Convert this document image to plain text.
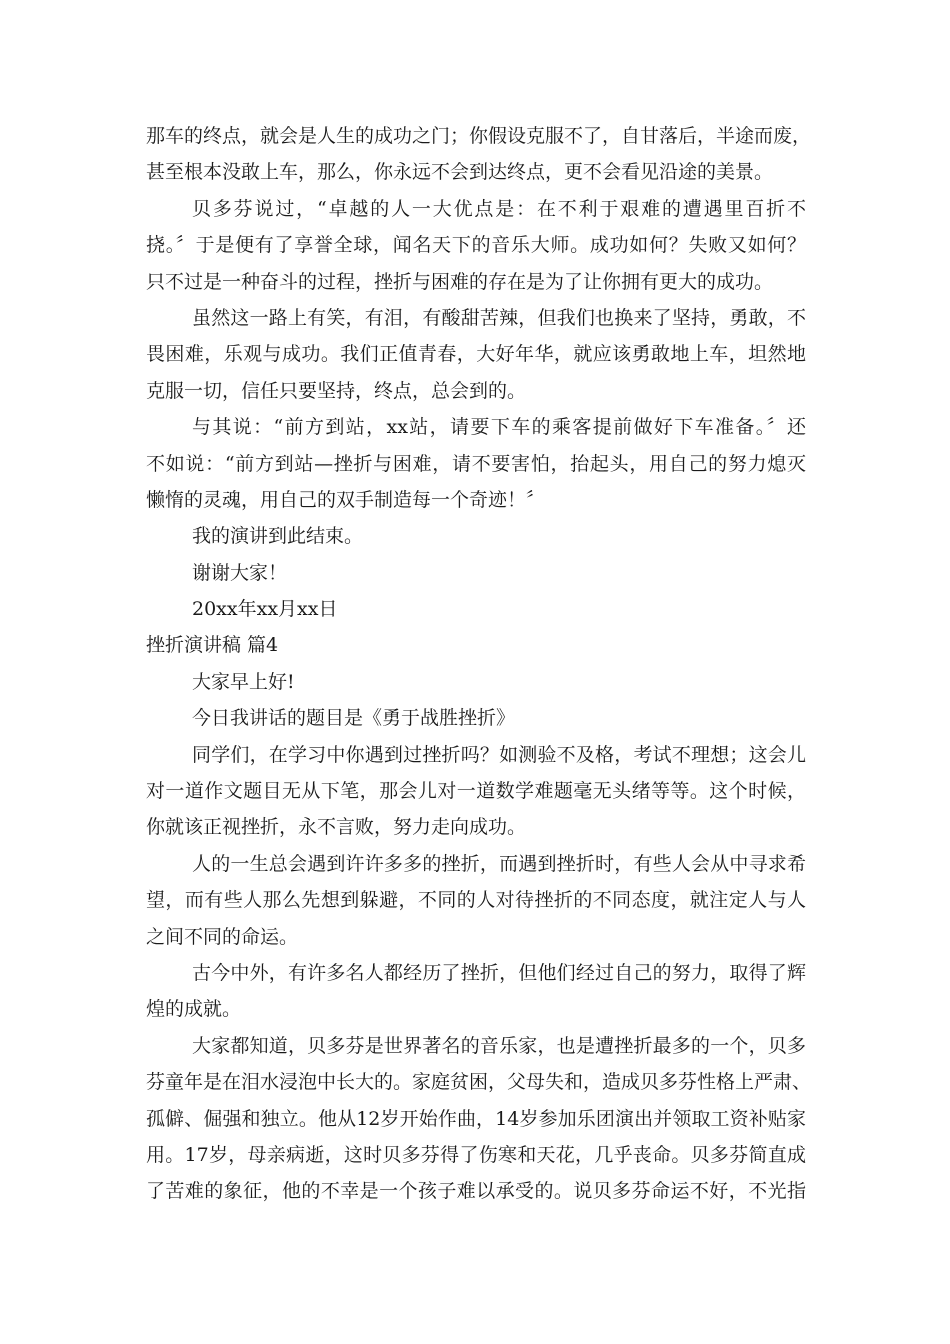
那车的终点，就会是人生的成功之门；你假设克服不了，自甘落后，半途而废，
甚至根本没敢上车，那么，你永远不会到达终点，更不会看见沿途的美景。
贝多芬说过，“卓越的人一大优点是：在不利于艰难的遭遇里百折不
挠。〞于是便有了享誉全球，闻名天下的音乐大师。成功如何？失败又如何？
只不过是一种奋斗的过程，挫折与困难的存在是为了让你拥有更大的成功。
虽然这一路上有笑，有泪，有酸甜苦辣，但我们也换来了坚持，勇敢，不
畏困难，乐观与成功。我们正值青春，大好年华，就应该勇敢地上车，坦然地
克服一切，信任只要坚持，终点，总会到的。
与其说：“前方到站，xx站，请要下车的乘客提前做好下车准备。〞还
不如说：“前方到站—挫折与困难，请不要害怕，抬起头，用自己的努力熄灭
懒惰的灵魂，用自己的双手制造每一个奇迹！〞
我的演讲到此结束。
谢谢大家！
20xx年xx月xx日
挫折演讲稿 篇4
大家早上好!
今日我讲话的题目是《勇于战胜挫折》
同学们，在学习中你遇到过挫折吗？如测验不及格，考试不理想；这会儿
对一道作文题目无从下笔，那会儿对一道数学难题毫无头绪等等。这个时候，
你就该正视挫折，永不言败，努力走向成功。
人的一生总会遇到许许多多的挫折，而遇到挫折时，有些人会从中寻求希
望，而有些人那么先想到躲避，不同的人对待挫折的不同态度，就注定人与人
之间不同的命运。
古今中外，有许多名人都经历了挫折，但他们经过自己的努力，取得了辉
煌的成就。
大家都知道，贝多芬是世界著名的音乐家，也是遭挫折最多的一个，贝多
芬童年是在泪水浸泡中长大的。家庭贫困，父母失和，造成贝多芬性格上严肃、
孤僻、倔强和独立。他从12岁开始作曲，14岁参加乐团演出并领取工资补贴家
用。17岁，母亲病逝，这时贝多芬得了伤寒和天花，几乎丧命。贝多芬简直成
了苦难的象征，他的不幸是一个孩子难以承受的。说贝多芬命运不好，不光指
